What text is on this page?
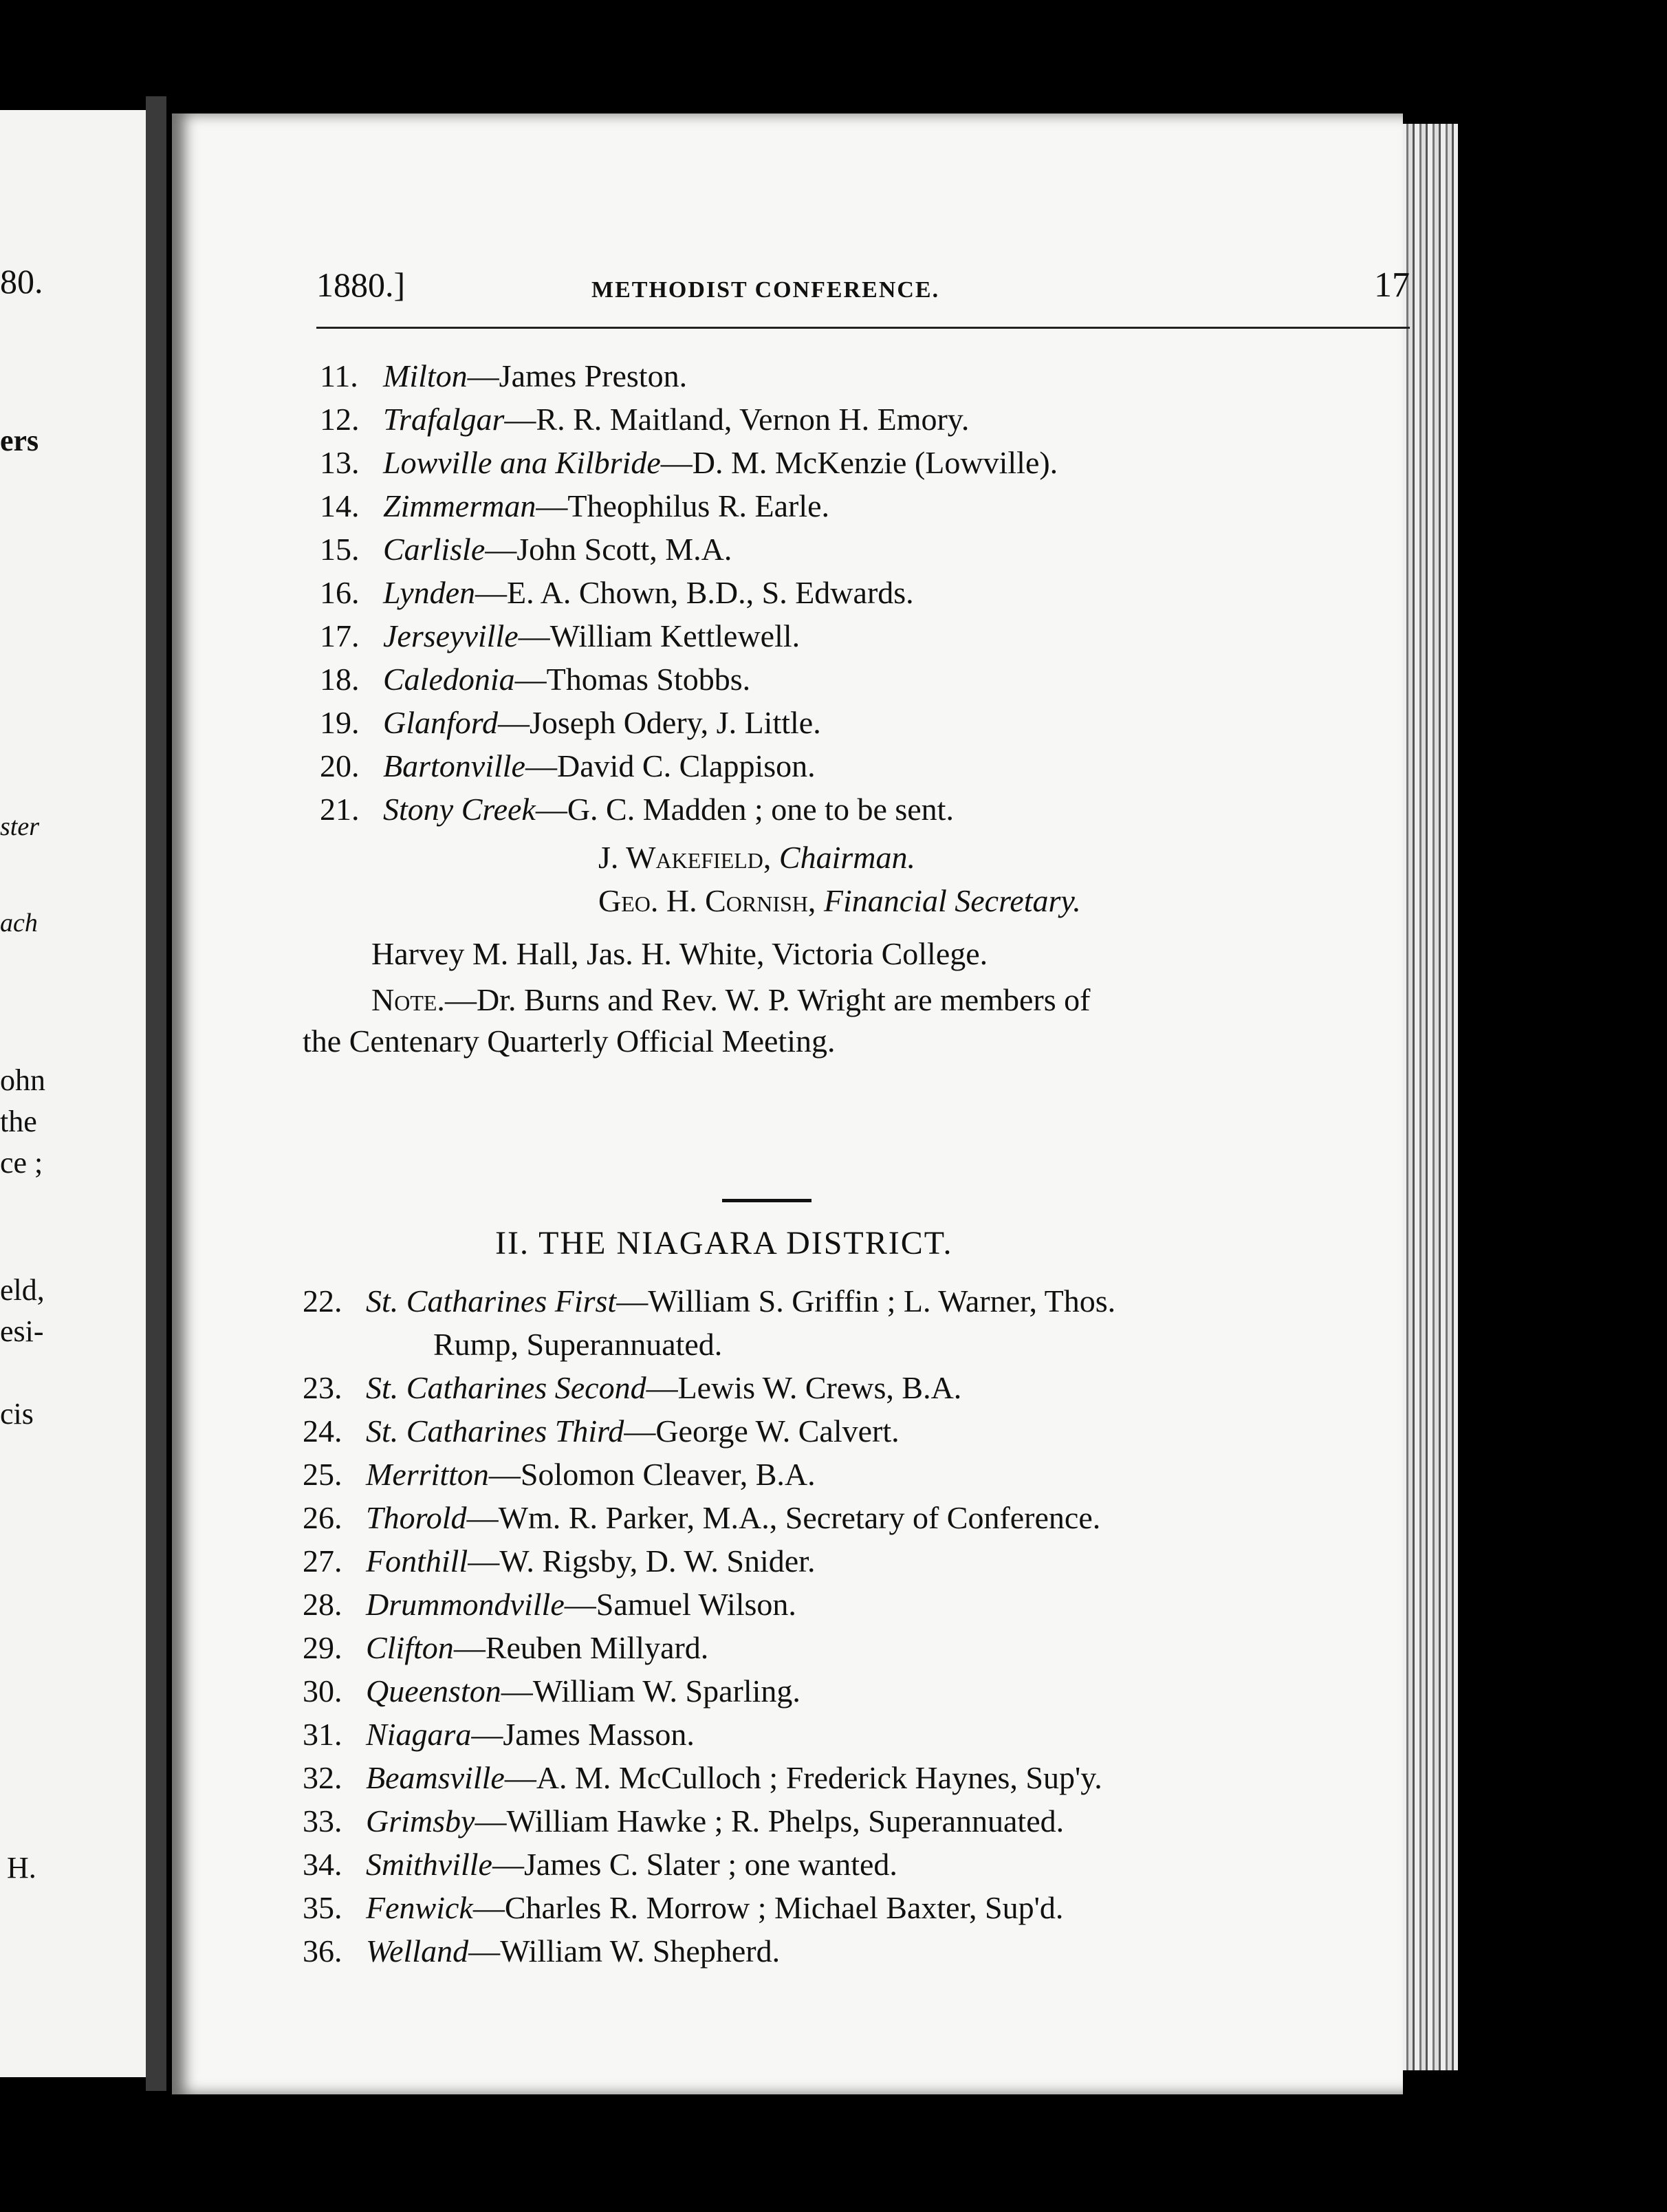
80.
ers
ster
ach
ohn
the
ce ;
eld,
esi-
cis
H.
1880.]	METHODIST CONFERENCE.	17
11. Milton—James Preston.
12. Trafalgar—R. R. Maitland, Vernon H. Emory.
13. Lowville ana Kilbride—D. M. McKenzie (Lowville).
14. Zimmerman—Theophilus R. Earle.
15. Carlisle—John Scott, M.A.
16. Lynden—E. A. Chown, B.D., S. Edwards.
17. Jerseyville—William Kettlewell.
18. Caledonia—Thomas Stobbs.
19. Glanford—Joseph Odery, J. Little.
20. Bartonville—David C. Clappison.
21. Stony Creek—G. C. Madden ; one to be sent.
J. Wakefield, Chairman.
Geo. H. Cornish, Financial Secretary.
Harvey M. Hall, Jas. H. White, Victoria College.
Note.—Dr. Burns and Rev. W. P. Wright are members of
the Centenary Quarterly Official Meeting.
II. THE NIAGARA DISTRICT.
22. St. Catharines First—William S. Griffin ; L. Warner, Thos.
Rump, Superannuated.
23. St. Catharines Second—Lewis W. Crews, B.A.
24. St. Catharines Third—George W. Calvert.
25. Merritton—Solomon Cleaver, B.A.
26. Thorold—Wm. R. Parker, M.A., Secretary of Conference.
27. Fonthill—W. Rigsby, D. W. Snider.
28. Drummondville—Samuel Wilson.
29. Clifton—Reuben Millyard.
30. Queenston—William W. Sparling.
31. Niagara—James Masson.
32. Beamsville—A. M. McCulloch ; Frederick Haynes, Sup'y.
33. Grimsby—William Hawke ; R. Phelps, Superannuated.
34. Smithville—James C. Slater ; one wanted.
35. Fenwick—Charles R. Morrow ; Michael Baxter, Sup'd.
36. Welland—William W. Shepherd.
